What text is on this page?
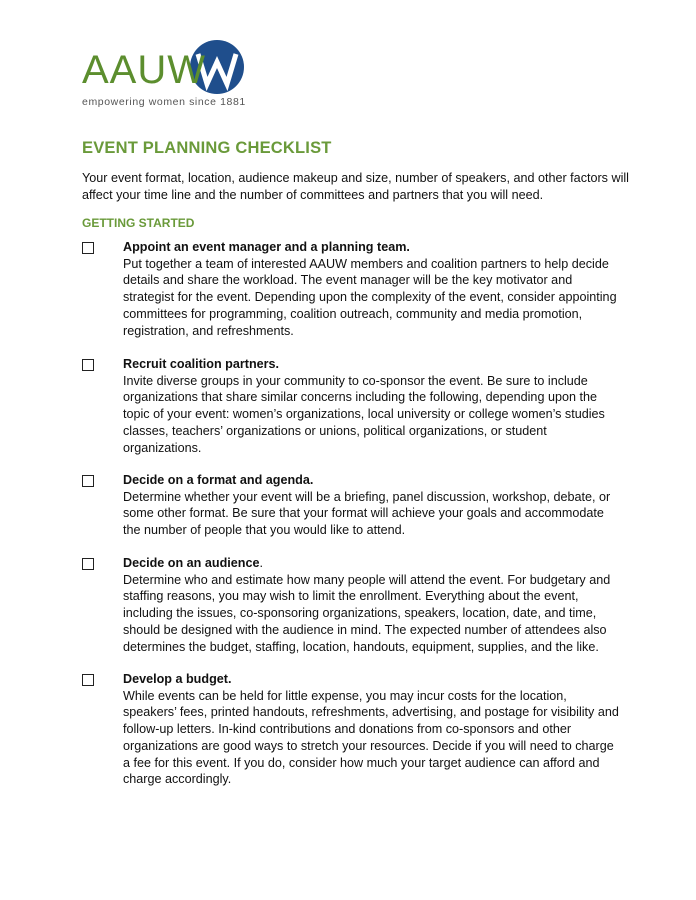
AAUW
empowering women since 1881
EVENT PLANNING CHECKLIST
Your event format, location, audience makeup and size, number of speakers, and other factors will affect your time line and the number of committees and partners that you will need.
GETTING STARTED
Appoint an event manager and a planning team.
Put together a team of interested AAUW members and coalition partners to help decide details and share the workload. The event manager will be the key motivator and strategist for the event. Depending upon the complexity of the event, consider appointing committees for programming, coalition outreach, community and media promotion, registration, and refreshments.
Recruit coalition partners.
Invite diverse groups in your community to co-sponsor the event. Be sure to include organizations that share similar concerns including the following, depending upon the topic of your event: women’s organizations, local university or college women’s studies classes, teachers’ organizations or unions, political organizations, or student organizations.
Decide on a format and agenda.
Determine whether your event will be a briefing, panel discussion, workshop, debate, or some other format. Be sure that your format will achieve your goals and accommodate the number of people that you would like to attend.
Decide on an audience.
Determine who and estimate how many people will attend the event. For budgetary and staffing reasons, you may wish to limit the enrollment. Everything about the event, including the issues, co-sponsoring organizations, speakers, location, date, and time, should be designed with the audience in mind. The expected number of attendees also determines the budget, staffing, location, handouts, equipment, supplies, and the like.
Develop a budget.
While events can be held for little expense, you may incur costs for the location, speakers’ fees, printed handouts, refreshments, advertising, and postage for visibility and follow-up letters. In-kind contributions and donations from co-sponsors and other organizations are good ways to stretch your resources. Decide if you will need to charge a fee for this event. If you do, consider how much your target audience can afford and charge accordingly.
